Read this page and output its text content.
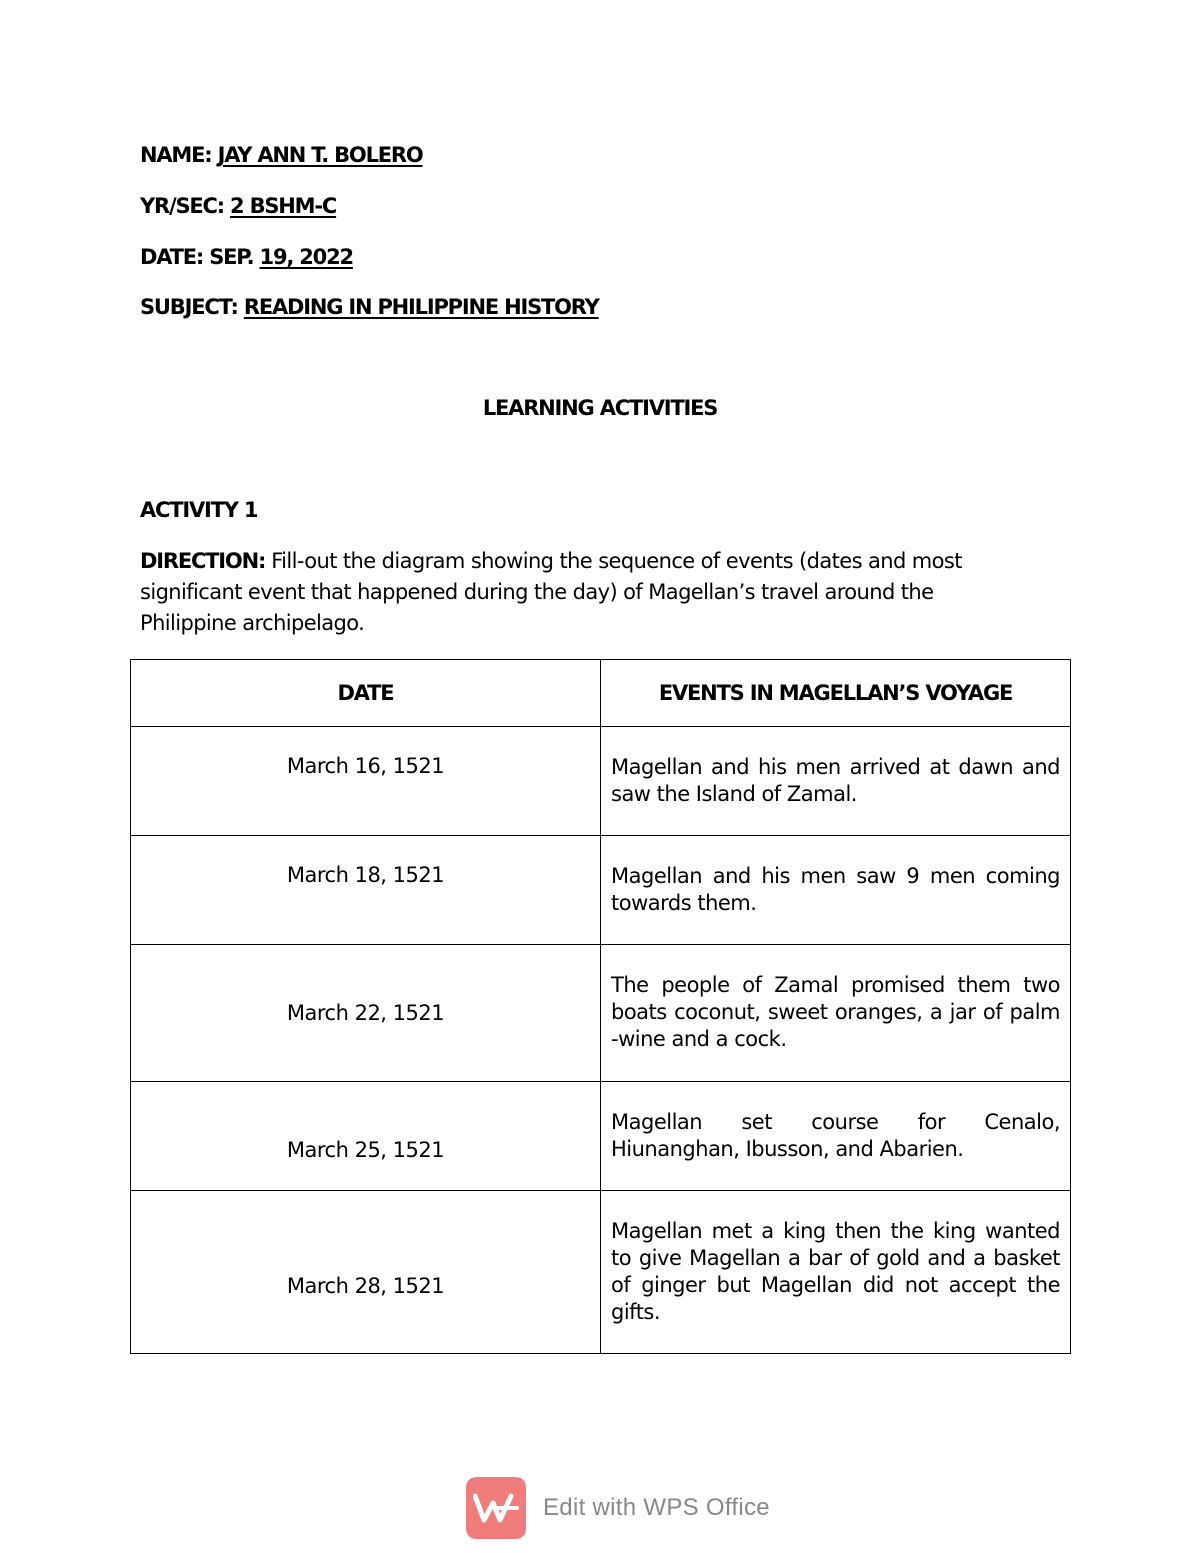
NAME: JAY ANN T. BOLERO
YR/SEC: 2 BSHM-C
DATE: SEP. 19, 2022
SUBJECT: READING IN PHILIPPINE HISTORY
LEARNING ACTIVITIES
ACTIVITY 1
DIRECTION: Fill-out the diagram showing the sequence of events (dates and most significant event that happened during the day) of Magellan’s travel around the Philippine archipelago.
DATE	EVENTS IN MAGELLAN’S VOYAGE

March 16, 1521	Magellan and his men arrived at dawn and saw the Island of Zamal.

March 18, 1521	Magellan and his men saw 9 men coming towards them.

March 22, 1521	The people of Zamal promised them two boats coconut, sweet oranges, a jar of palm -wine and a cock.

March 25, 1521	Magellan set course for Cenalo, Hiunanghan, Ibusson, and Abarien.

March 28, 1521	Magellan met a king then the king wanted to give Magellan a bar of gold and a basket of ginger but Magellan did not accept the gifts.
Edit with WPS Office
